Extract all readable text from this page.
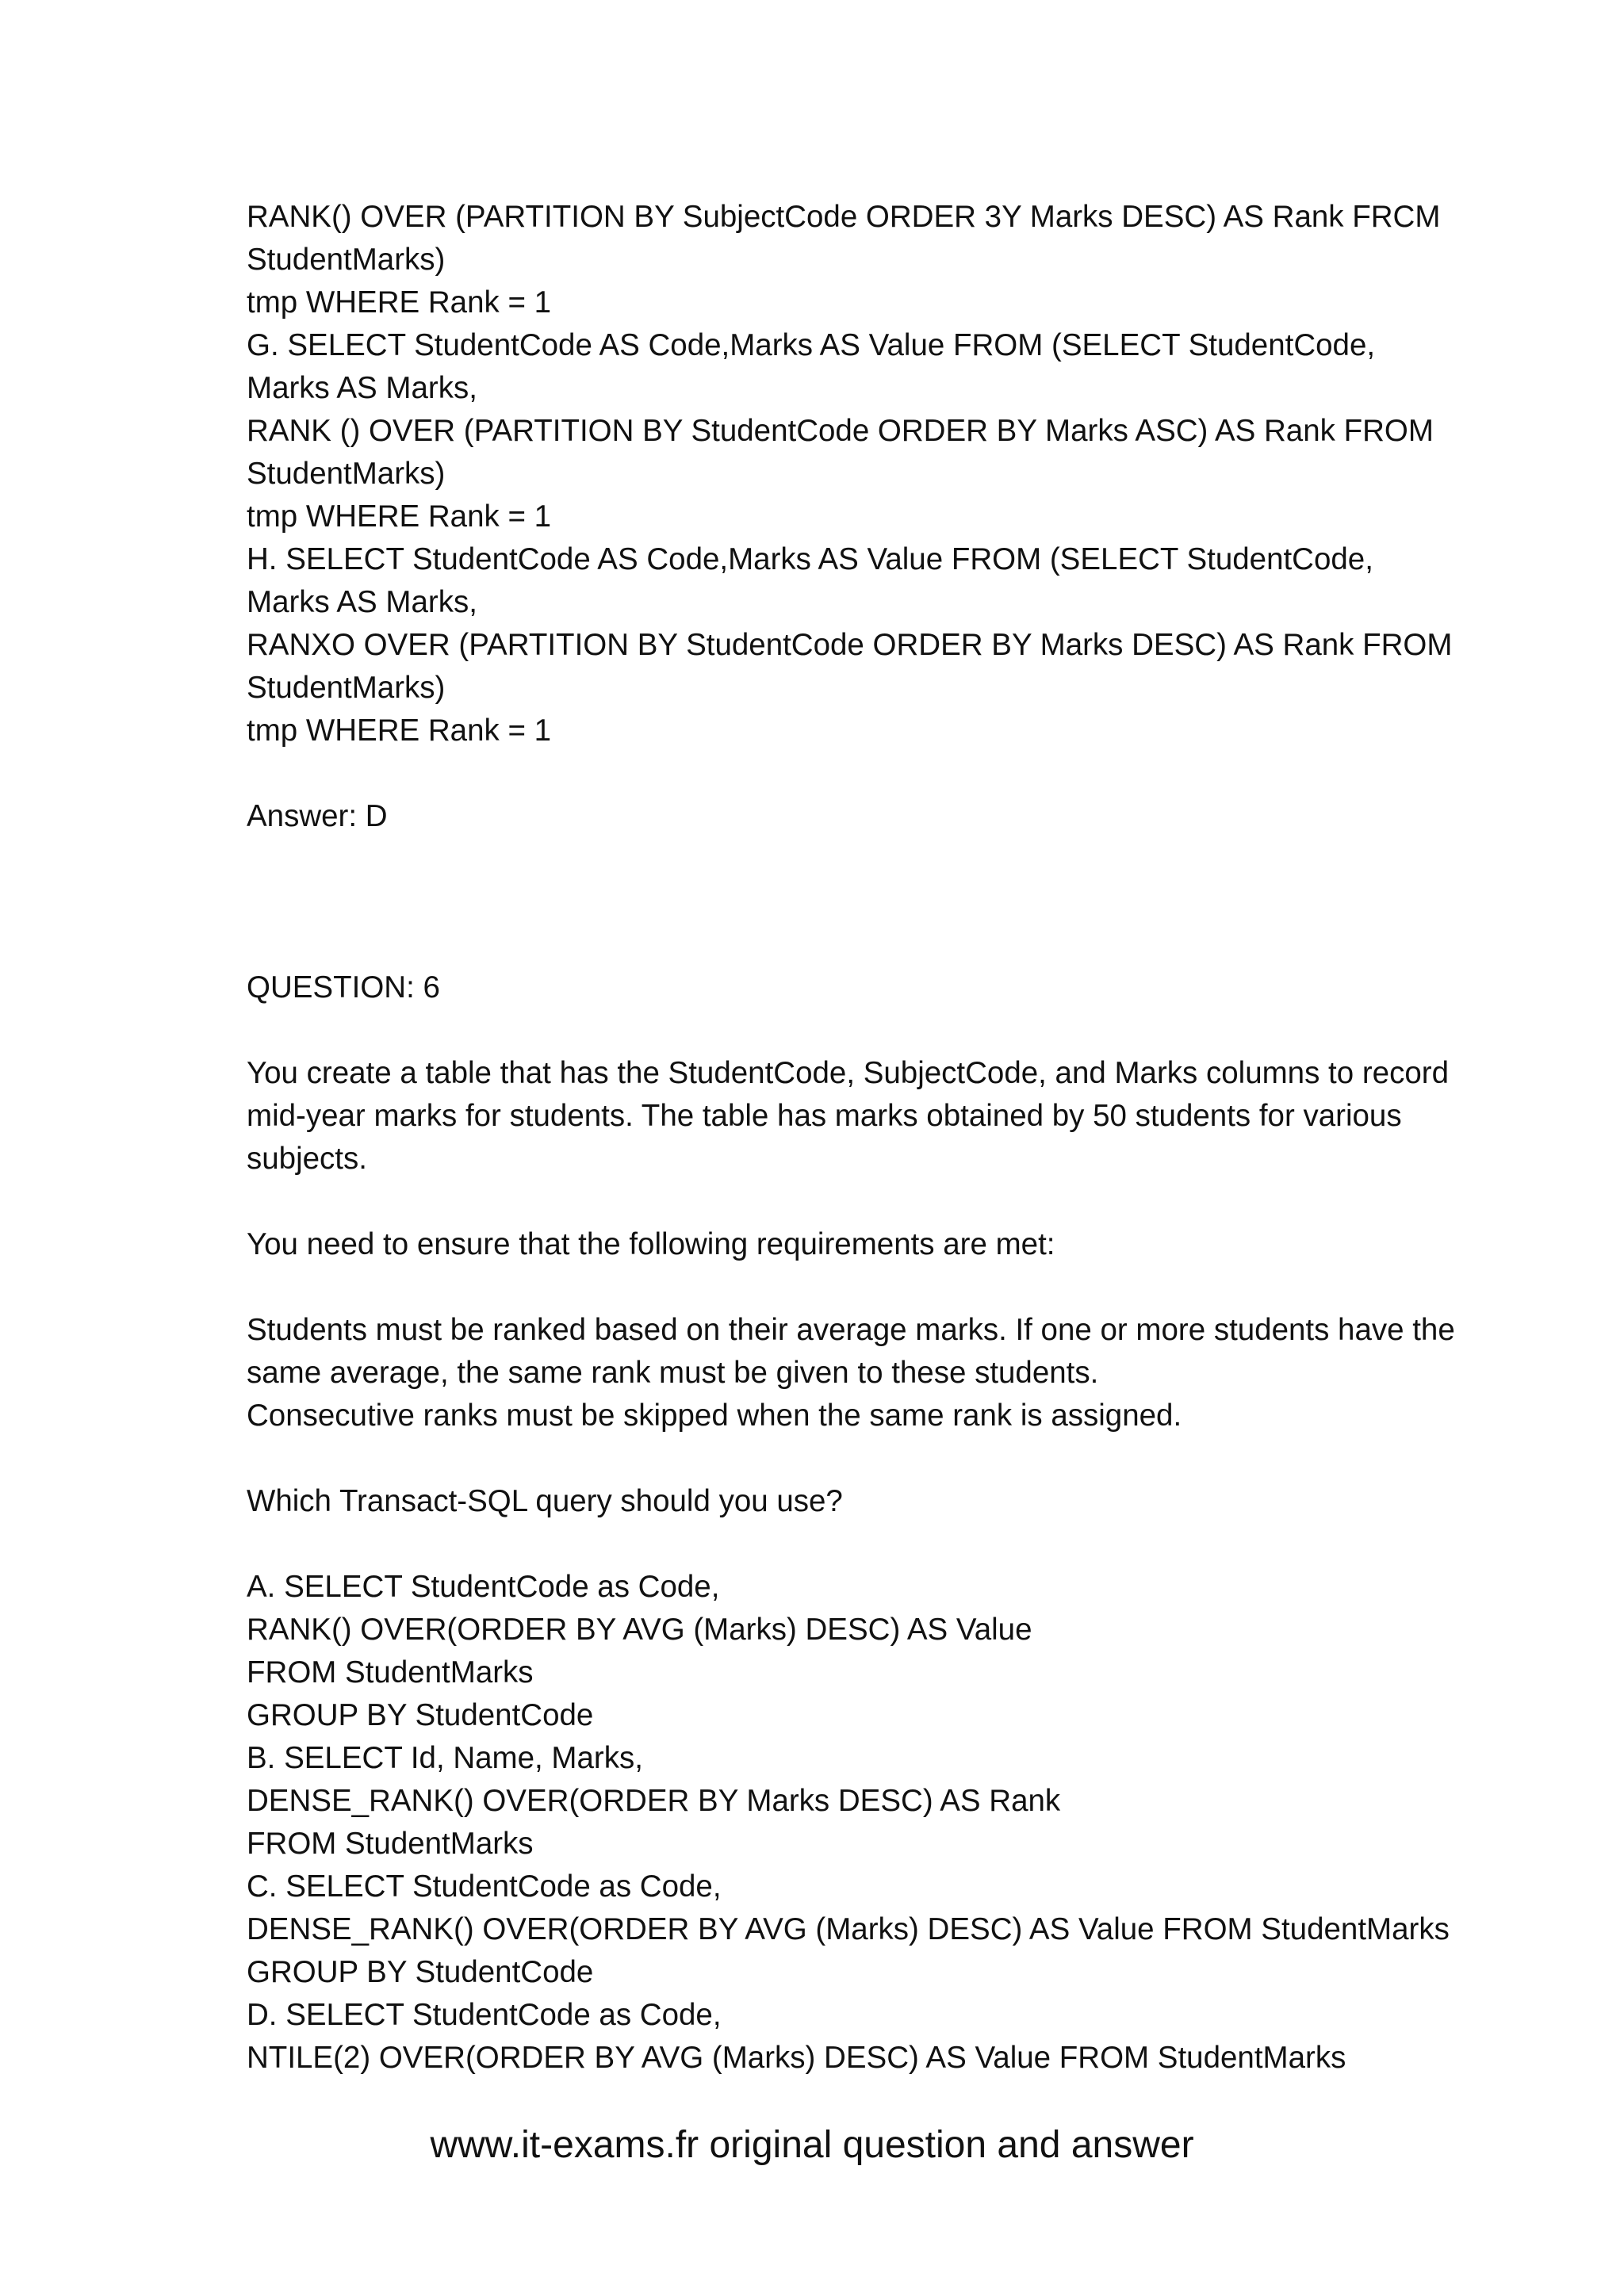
RANK() OVER (PARTITION BY SubjectCode ORDER 3Y Marks DESC) AS Rank FRCM
StudentMarks)
tmp WHERE Rank = 1
G. SELECT StudentCode AS Code,Marks AS Value FROM (SELECT StudentCode,
Marks AS Marks,
RANK () OVER (PARTITION BY StudentCode ORDER BY Marks ASC) AS Rank FROM
StudentMarks)
tmp WHERE Rank = 1
H. SELECT StudentCode AS Code,Marks AS Value FROM (SELECT StudentCode,
Marks AS Marks,
RANXO OVER (PARTITION BY StudentCode ORDER BY Marks DESC) AS Rank FROM
StudentMarks)
tmp WHERE Rank = 1
Answer: D
QUESTION: 6
You create a table that has the StudentCode, SubjectCode, and Marks columns to record
mid-year marks for students. The table has marks obtained by 50 students for various
subjects.
You need to ensure that the following requirements are met:
Students must be ranked based on their average marks. If one or more students have the
same average, the same rank must be given to these students.
Consecutive ranks must be skipped when the same rank is assigned.
Which Transact-SQL query should you use?
A. SELECT StudentCode as Code,
RANK() OVER(ORDER BY AVG (Marks) DESC) AS Value
FROM StudentMarks
GROUP BY StudentCode
B. SELECT Id, Name, Marks,
DENSE_RANK() OVER(ORDER BY Marks DESC) AS Rank
FROM StudentMarks
C. SELECT StudentCode as Code,
DENSE_RANK() OVER(ORDER BY AVG (Marks) DESC) AS Value FROM StudentMarks
GROUP BY StudentCode
D. SELECT StudentCode as Code,
NTILE(2) OVER(ORDER BY AVG (Marks) DESC) AS Value FROM StudentMarks
www.it-exams.fr original question and answer
